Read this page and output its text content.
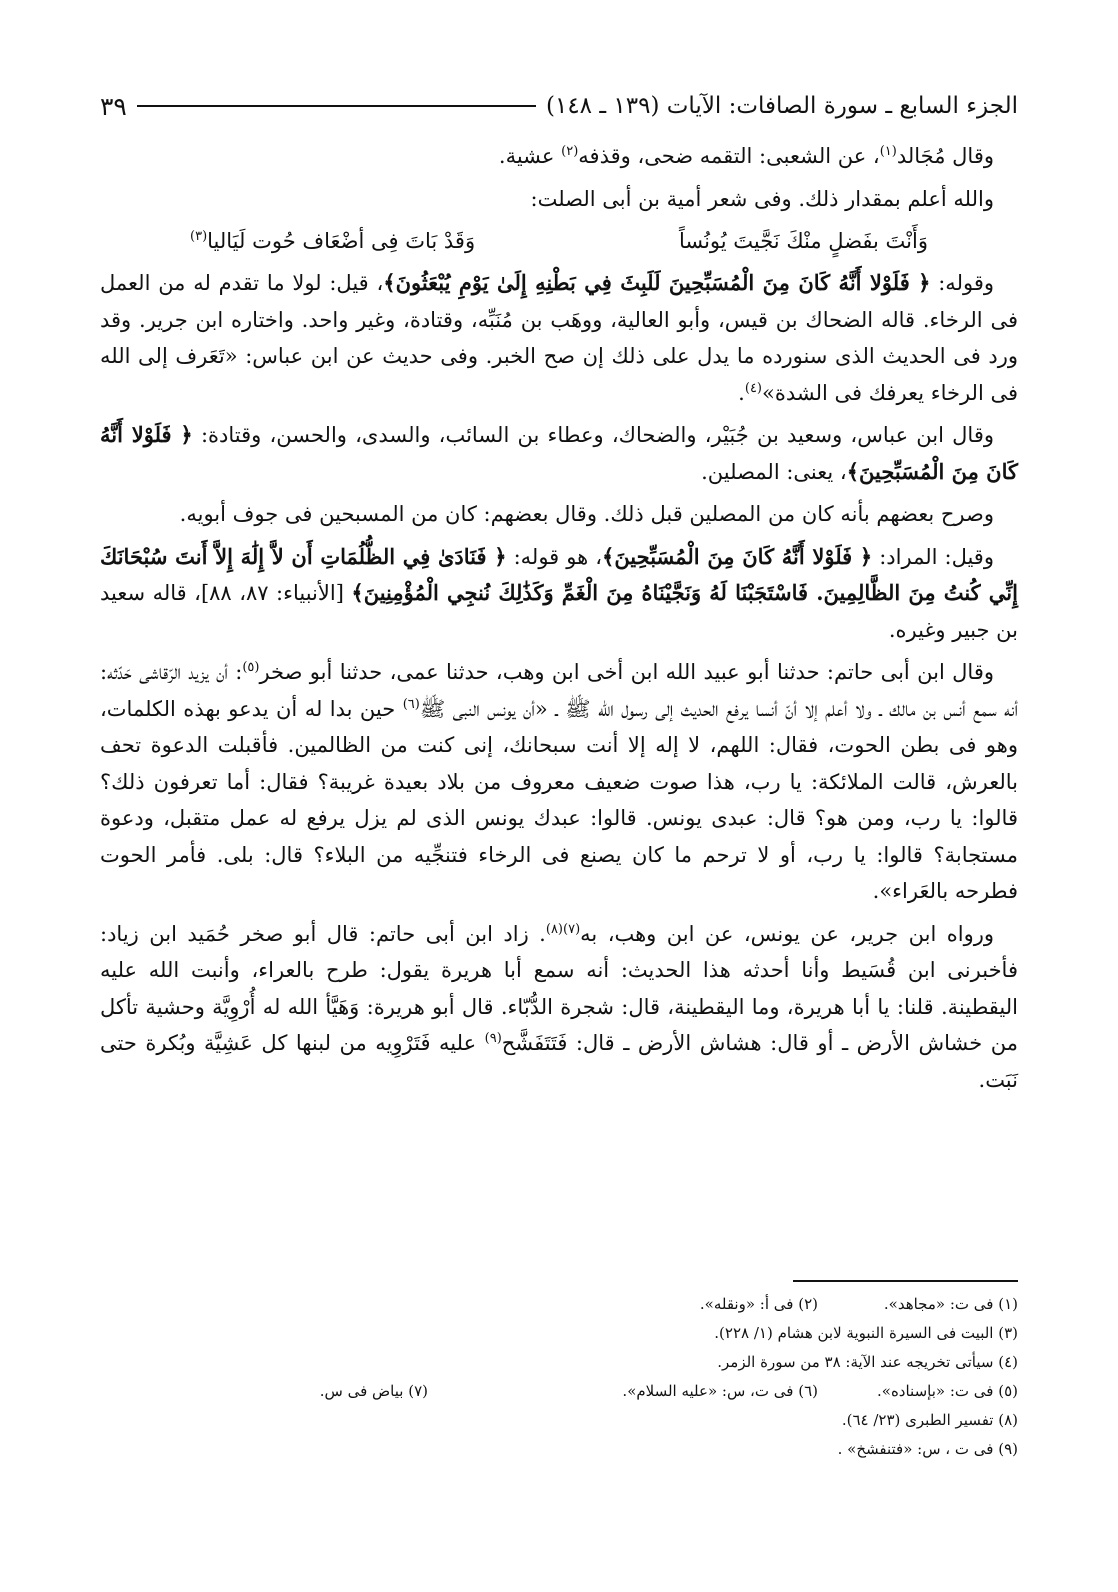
الجزء السابع ـ سورة الصافات: الآيات (١٣٩ ـ ١٤٨)
٣٩

وقال مُجَالد$^{(١)}$، عن الشعبى: التقمه ضحى، وقذفه$^{(٢)}$ عشية.

والله أعلم بمقدار ذلك. وفى شعر أمية بن أبى الصلت:

وَأَنْتَ بفَضلٍ منْكَ نَجَّيتَ يُونُساً
وَقَدْ بَاتَ فِى أضْعَاف حُوت لَيَاليا$^{(٣)}$

وقوله: ﴿ فَلَوْلا أَنَّهُ كَانَ مِنَ الْمُسَبِّحِينَ لَلَبِثَ فِي بَطْنِهِ إِلَىٰ يَوْمِ يُبْعَثُونَ﴾، قيل: لولا ما تقدم له من العمل فى الرخاء. قاله الضحاك بن قيس، وأبو العالية، ووهَب بن مُنَبِّه، وقتادة، وغير واحد. واختاره ابن جرير. وقد ورد فى الحديث الذى سنورده ما يدل على ذلك إن صح الخبر. وفى حديث عن ابن عباس: «تَعَرف إلى الله فى الرخاء يعرفك فى الشدة»$^{(٤)}$.

وقال ابن عباس، وسعيد بن جُبَيْر، والضحاك، وعطاء بن السائب، والسدى، والحسن، وقتادة: ﴿ فَلَوْلا أَنَّهُ كَانَ مِنَ الْمُسَبِّحِينَ﴾، يعنى: المصلين.

وصرح بعضهم بأنه كان من المصلين قبل ذلك. وقال بعضهم: كان من المسبحين فى جوف أبويه.

وقيل: المراد: ﴿ فَلَوْلا أَنَّهُ كَانَ مِنَ الْمُسَبِّحِينَ﴾، هو قوله: ﴿ فَنَادَىٰ فِي الظُّلُمَاتِ أَن لاَّ إِلَٰهَ إِلاَّ أَنتَ سُبْحَانَكَ إِنِّي كُنتُ مِنَ الظَّالِمِينَ. فَاسْتَجَبْنَا لَهُ وَنَجَّيْنَاهُ مِنَ الْغَمِّ وَكَذَٰلِكَ نُنجِي الْمُؤْمِنِينَ﴾ [الأنبياء: ٨٧، ٨٨]، قاله سعيد بن جبير وغيره.

وقال ابن أبى حاتم: حدثنا أبو عبيد الله ابن أخى ابن وهب، حدثنا عمى، حدثنا أبو صخر$^{(٥)}$: أن يزيد الرّقاشى حَدّثه: أنه سمع أنس بن مالك ـ ولا أعلم إلا أنّ أنسا يرفع الحديث إلى رسول الله ﷺ ـ «أن يونس النبى ﷺ$^{(٦)}$ حين بدا له أن يدعو بهذه الكلمات، وهو فى بطن الحوت، فقال: اللهم، لا إله إلا أنت سبحانك، إنى كنت من الظالمين. فأقبلت الدعوة تحف بالعرش، قالت الملائكة: يا رب، هذا صوت ضعيف معروف من بلاد بعيدة غريبة؟ فقال: أما تعرفون ذلك؟ قالوا: يا رب، ومن هو؟ قال: عبدى يونس. قالوا: عبدك يونس الذى لم يزل يرفع له عمل متقبل، ودعوة مستجابة؟ قالوا: يا رب، أو لا ترحم ما كان يصنع فى الرخاء فتنجِّيه من البلاء؟ قال: بلى. فأمر الحوت فطرحه بالعَراء».

ورواه ابن جرير، عن يونس، عن ابن وهب، به$^{(٧)(٨)}$. زاد ابن أبى حاتم: قال أبو صخر حُمَيد ابن زياد: فأخبرنى ابن قُسَيط وأنا أحدثه هذا الحديث: أنه سمع أبا هريرة يقول: طرح بالعراء، وأنبت الله عليه اليقطينة. قلنا: يا أبا هريرة، وما اليقطينة، قال: شجرة الدُّبّاء. قال أبو هريرة: وَهَيَّأ الله له أُرْوِيَّة وحشية تأكل من خشاش الأرض ـ أو قال: هشاش الأرض ـ قال: فَتَتَفَشَّح$^{(٩)}$ عليه فَتَرْوِيه من لبنها كل عَشِيَّة وبُكرة حتى نَبَت.

(١) فى ت: «مجاهد».
(٢) فى أ: «ونقله».
(٣) البيت فى السيرة النبوية لابن هشام (١/ ٢٢٨).
(٤) سيأتى تخريجه عند الآية: ٣٨ من سورة الزمر.
(٥) فى ت: «بإسناده».
(٦) فى ت، س: «عليه السلام».
(٧) بياض فى س.
(٨) تفسير الطبرى (٢٣/ ٦٤).
(٩) فى ت ، س: «فتنفشخ» .
